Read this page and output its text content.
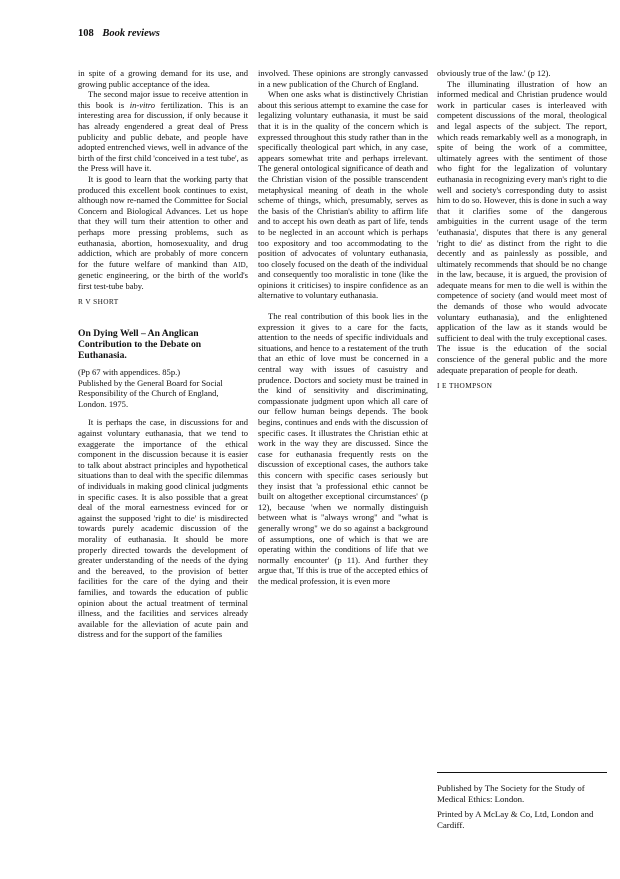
108 Book reviews

in spite of a growing demand for its use, and growing public acceptance of the idea.

The second major issue to receive attention in this book is in-vitro fertilization. This is an interesting area for discussion, if only because it has already engendered a great deal of Press publicity and public debate, and people have adopted entrenched views, well in advance of the birth of the first child 'conceived in a test tube', as the Press will have it.

It is good to learn that the working party that produced this excellent book continues to exist, although now re-named the Committee for Social Concern and Biological Advances. Let us hope that they will turn their attention to other and perhaps more pressing problems, such as euthanasia, abortion, homosexuality, and drug addiction, which are probably of more concern for the future welfare of mankind than AID, genetic engineering, or the birth of the world's first test-tube baby.

R V SHORT
On Dying Well – An Anglican Contribution to the Debate on Euthanasia.

(Pp 67 with appendices. 85p.)

Published by the General Board for Social Responsibility of the Church of England, London. 1975.

It is perhaps the case, in discussions for and against voluntary euthanasia, that we tend to exaggerate the importance of the ethical component in the discussion because it is easier to talk about abstract principles and hypothetical situations than to deal with the specific dilemmas of individuals in making good clinical judgments in specific cases. It is also possible that a great deal of the moral earnestness evinced for or against the supposed 'right to die' is misdirected towards purely academic discussion of the morality of euthanasia. It should be more properly directed towards the development of greater understanding of the needs of the dying and the bereaved, to the provision of better facilities for the care of the dying and their families, and towards the education of public opinion about the actual treatment of terminal illness, and the facilities and services already available for the alleviation of acute pain and distress and for the support of the families

involved. These opinions are strongly canvassed in a new publication of the Church of England.

When one asks what is distinctively Christian about this serious attempt to examine the case for legalizing voluntary euthanasia, it must be said that it is in the quality of the concern which is expressed throughout this study rather than in the specifically theological part which, in any case, appears somewhat trite and perhaps irrelevant. The general ontological significance of death and the Christian vision of the possible transcendent metaphysical meaning of death in the whole scheme of things, which, presumably, serves as the basis of the Christian's ability to affirm life and to accept his own death as part of life, tends to be neglected in an account which is perhaps too expository and too accommodating to the position of advocates of voluntary euthanasia, too closely focused on the death of the individual and consequently too moralistic in tone (like the opinions it criticises) to inspire confidence as an alternative to voluntary euthanasia.

The real contribution of this book lies in the expression it gives to a care for the facts, attention to the needs of specific individuals and situations, and hence to a restatement of the truth that an ethic of love must be concerned in a central way with issues of casuistry and prudence. Doctors and society must be trained in the kind of sensitivity and discriminating, compassionate judgment upon which all care of our fellow human beings depends. The book begins, continues and ends with the discussion of specific cases. It illustrates the Christian ethic at work in the way they are discussed. Since the case for euthanasia frequently rests on the discussion of exceptional cases, the authors take this concern with specific cases seriously but they insist that 'a professional ethic cannot be built on altogether exceptional circumstances' (p 12), because 'when we normally distinguish between what is "always wrong" and "what is generally wrong" we do so against a background of assumptions, one of which is that we are operating within the conditions of life that we normally encounter' (p 11). And further they argue that, 'If this is true of the accepted ethics of the medical profession, it is even more

obviously true of the law.' (p 12).

The illuminating illustration of how an informed medical and Christian prudence would work in particular cases is interleaved with competent discussions of the moral, theological and legal aspects of the subject. The report, which reads remarkably well as a monograph, in spite of being the work of a committee, ultimately agrees with the sentiment of those who fight for the legalization of voluntary euthanasia in recognizing every man's right to die well and society's corresponding duty to assist him to do so. However, this is done in such a way that it clarifies some of the dangerous ambiguities in the current usage of the term 'euthanasia', disputes that there is any general 'right to die' as distinct from the right to die decently and as painlessly as possible, and ultimately recommends that should be no change in the law, because, it is argued, the provision of adequate means for men to die well is within the competence of society (and would meet most of the demands of those who would advocate voluntary euthanasia), and the enlightened application of the law as it stands would be sufficient to deal with the truly exceptional cases. The issue is the education of the social conscience of the general public and the more adequate preparation of people for death.

I E THOMPSON

Published by The Society for the Study of Medical Ethics: London.

Printed by A McLay & Co, Ltd, London and Cardiff.
